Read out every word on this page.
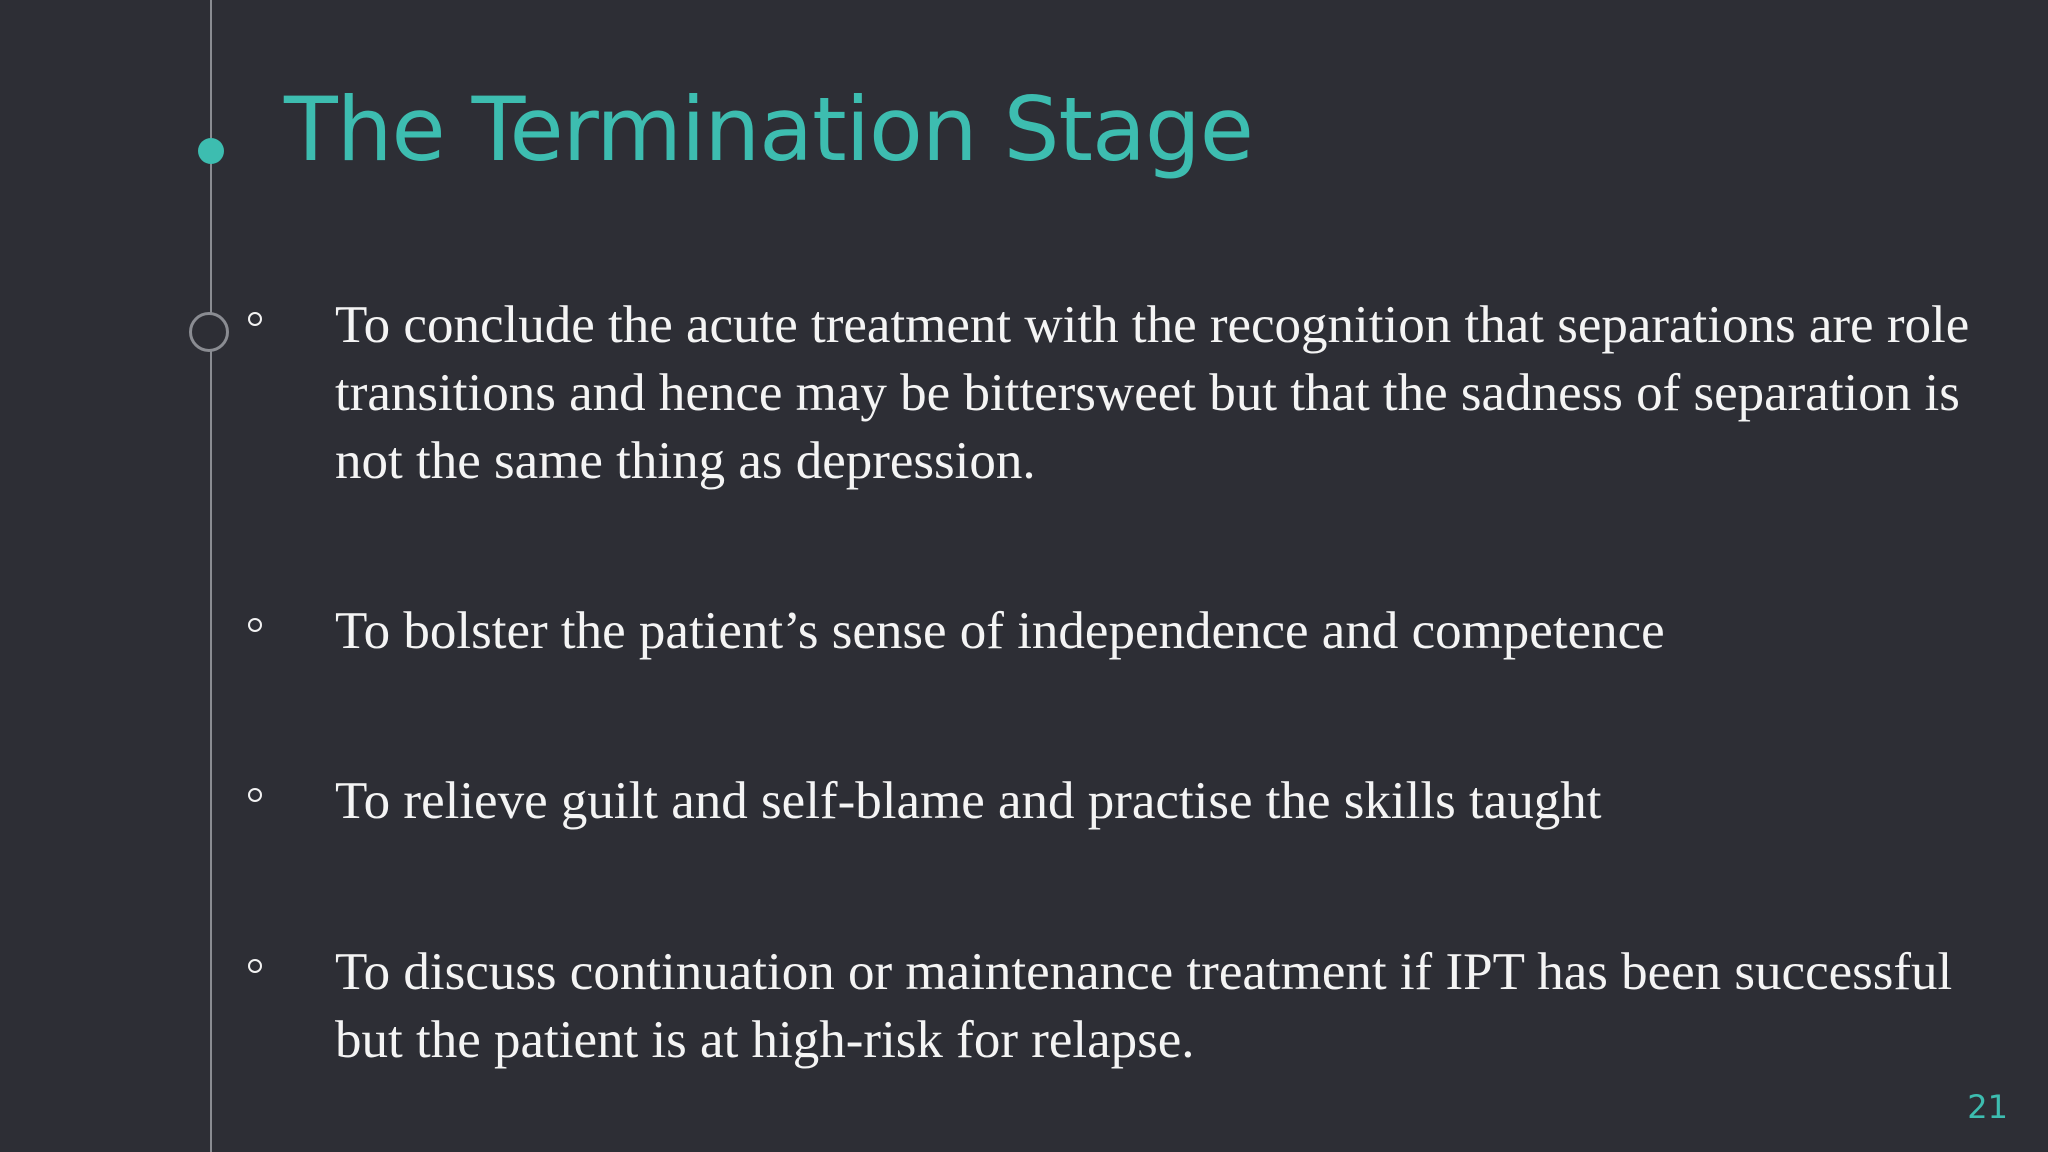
The Termination Stage
To conclude the acute treatment with the recognition that separations are role transitions and hence may be bittersweet but that the sadness of separation is not the same thing as depression.
To bolster the patient’s sense of independence and competence
To relieve guilt and self-blame and practise the skills taught
To discuss continuation or maintenance treatment if IPT has been successful but the patient is at high-risk for relapse.
21
